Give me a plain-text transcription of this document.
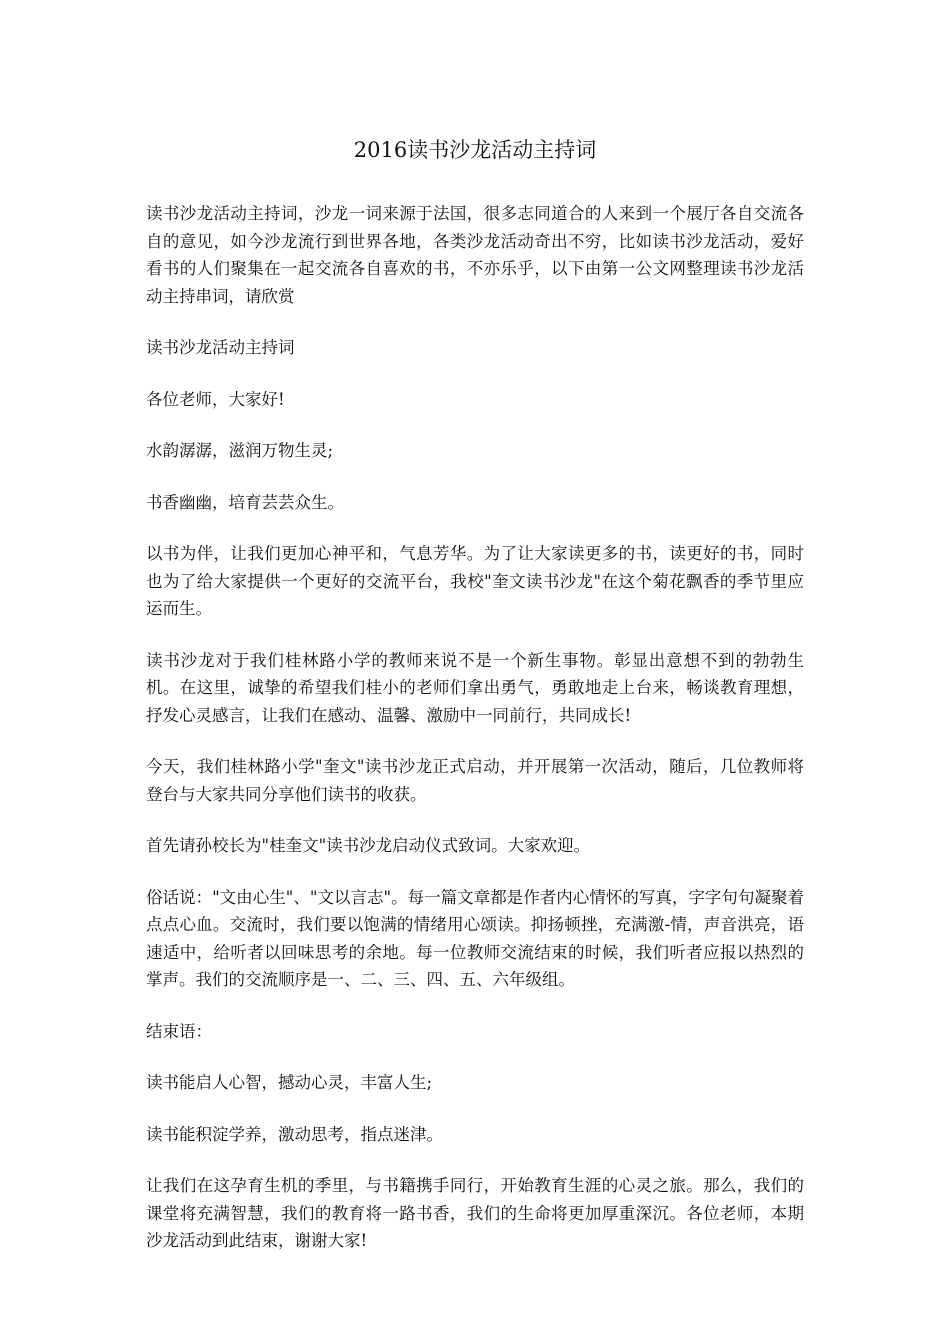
2016读书沙龙活动主持词

读书沙龙活动主持词，沙龙一词来源于法国，很多志同道合的人来到一个展厅各自交流各自的意见，如今沙龙流行到世界各地，各类沙龙活动奇出不穷，比如读书沙龙活动，爱好看书的人们聚集在一起交流各自喜欢的书，不亦乐乎，以下由第一公文网整理读书沙龙活动主持串词，请欣赏

读书沙龙活动主持词

各位老师，大家好!

水韵潺潺，滋润万物生灵;

书香幽幽，培育芸芸众生。

以书为伴，让我们更加心神平和，气息芳华。为了让大家读更多的书，读更好的书，同时也为了给大家提供一个更好的交流平台，我校"奎文读书沙龙"在这个菊花飘香的季节里应运而生。

读书沙龙对于我们桂林路小学的教师来说不是一个新生事物。彰显出意想不到的勃勃生机。在这里，诚挚的希望我们桂小的老师们拿出勇气，勇敢地走上台来，畅谈教育理想，抒发心灵感言，让我们在感动、温馨、激励中一同前行，共同成长!

今天，我们桂林路小学"奎文"读书沙龙正式启动，并开展第一次活动，随后，几位教师将登台与大家共同分享他们读书的收获。

首先请孙校长为"桂奎文"读书沙龙启动仪式致词。大家欢迎。

俗话说："文由心生"、"文以言志"。每一篇文章都是作者内心情怀的写真，字字句句凝聚着点点心血。交流时，我们要以饱满的情绪用心颂读。抑扬顿挫，充满激-情，声音洪亮，语速适中，给听者以回味思考的余地。每一位教师交流结束的时候，我们听者应报以热烈的掌声。我们的交流顺序是一、二、三、四、五、六年级组。

结束语：

读书能启人心智，撼动心灵，丰富人生;

读书能积淀学养，激动思考，指点迷津。

让我们在这孕育生机的季里，与书籍携手同行，开始教育生涯的心灵之旅。那么，我们的课堂将充满智慧，我们的教育将一路书香，我们的生命将更加厚重深沉。各位老师，本期沙龙活动到此结束，谢谢大家!
